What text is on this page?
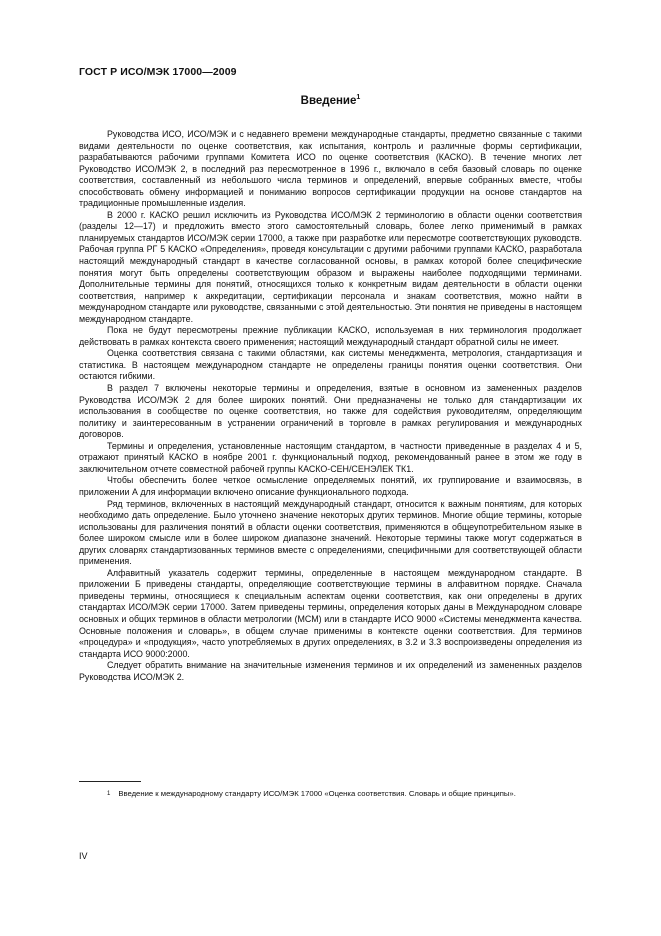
ГОСТ Р ИСО/МЭК 17000—2009
Введение$^1$

Руководства ИСО, ИСО/МЭК и с недавнего времени международные стандарты, предметно связанные с такими видами деятельности по оценке соответствия, как испытания, контроль и различные формы сертификации, разрабатываются рабочими группами Комитета ИСО по оценке соответствия (КАСКО). В течение многих лет Руководство ИСО/МЭК 2, в последний раз пересмотренное в 1996 г., включало в себя базовый словарь по оценке соответствия, составленный из небольшого числа терминов и определений, впервые собранных вместе, чтобы способствовать обмену информацией и пониманию вопросов сертификации продукции на основе стандартов на традиционные промышленные изделия.

В 2000 г. КАСКО решил исключить из Руководства ИСО/МЭК 2 терминологию в области оценки соответствия (разделы 12—17) и предложить вместо этого самостоятельный словарь, более легко применимый в рамках планируемых стандартов ИСО/МЭК серии 17000, а также при разработке или пересмотре соответствующих руководств. Рабочая группа РГ 5 КАСКО «Определения», проведя консультации с другими рабочими группами КАСКО, разработала настоящий международный стандарт в качестве согласованной основы, в рамках которой более специфические понятия могут быть определены соответствующим образом и выражены наиболее подходящими терминами. Дополнительные термины для понятий, относящихся только к конкретным видам деятельности в области оценки соответствия, например к аккредитации, сертификации персонала и знакам соответствия, можно найти в международном стандарте или руководстве, связанными с этой деятельностью. Эти понятия не приведены в настоящем международном стандарте.

Пока не будут пересмотрены прежние публикации КАСКО, используемая в них терминология продолжает действовать в рамках контекста своего применения; настоящий международный стандарт обратной силы не имеет.

Оценка соответствия связана с такими областями, как системы менеджмента, метрология, стандартизация и статистика. В настоящем международном стандарте не определены границы понятия оценки соответствия. Они остаются гибкими.

В раздел 7 включены некоторые термины и определения, взятые в основном из замененных разделов Руководства ИСО/МЭК 2 для более широких понятий. Они предназначены не только для стандартизации их использования в сообществе по оценке соответствия, но также для содействия руководителям, определяющим политику и заинтересованным в устранении ограничений в торговле в рамках регулирования и международных договоров.

Термины и определения, установленные настоящим стандартом, в частности приведенные в разделах 4 и 5, отражают принятый КАСКО в ноябре 2001 г. функциональный подход, рекомендованный ранее в этом же году в заключительном отчете совместной рабочей группы КАСКО-СЕН/СЕНЭЛЕК ТК1.

Чтобы обеспечить более четкое осмысление определяемых понятий, их группирование и взаимосвязь, в приложении А для информации включено описание функционального подхода.

Ряд терминов, включенных в настоящий международный стандарт, относится к важным понятиям, для которых необходимо дать определение. Было уточнено значение некоторых других терминов. Многие общие термины, которые использованы для различения понятий в области оценки соответствия, применяются в общеупотребительном языке в более широком смысле или в более широком диапазоне значений. Некоторые термины также могут содержаться в других словарях стандартизованных терминов вместе с определениями, специфичными для соответствующей области применения.

Алфавитный указатель содержит термины, определенные в настоящем международном стандарте. В приложении Б приведены стандарты, определяющие соответствующие термины в алфавитном порядке. Сначала приведены термины, относящиеся к специальным аспектам оценки соответствия, как они определены в других стандартах ИСО/МЭК серии 17000. Затем приведены термины, определения которых даны в Международном словаре основных и общих терминов в области метрологии (МСМ) или в стандарте ИСО 9000 «Системы менеджмента качества. Основные положения и словарь», в общем случае применимы в контексте оценки соответствия. Для терминов «процедура» и «продукция», часто употребляемых в других определениях, в 3.2 и 3.3 воспроизведены определения из стандарта ИСО 9000:2000.

Следует обратить внимание на значительные изменения терминов и их определений из замененных разделов Руководства ИСО/МЭК 2.

$^1$ Введение к международному стандарту ИСО/МЭК 17000 «Оценка соответствия. Словарь и общие принципы».
IV
